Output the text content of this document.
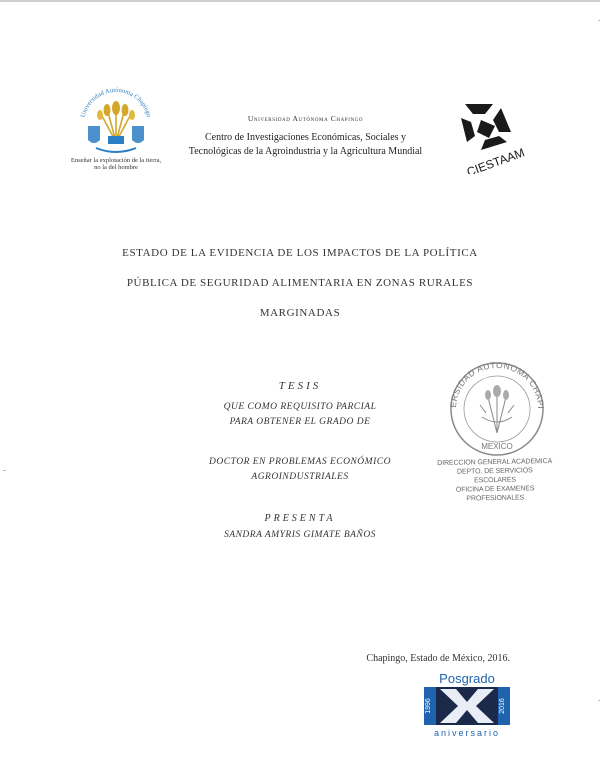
Universidad Autónoma Chapingo
Enseñar la explotación de la tierra, no la del hombre
Universidad Autónoma Chapingo
Centro de Investigaciones Económicas, Sociales y
Tecnológicas de la Agroindustria y la Agricultura Mundial	CIESTAAM
ESTADO DE LA EVIDENCIA DE LOS IMPACTOS DE LA POLÍTICA
PÚBLICA DE SEGURIDAD ALIMENTARIA EN ZONAS RURALES
MARGINADAS
TESIS
QUE COMO REQUISITO PARCIAL
PARA OBTENER EL GRADO DE
DOCTOR EN PROBLEMAS ECONÓMICO
AGROINDUSTRIALES
PRESENTA
SANDRA AMYRIS GIMATE BAÑOS
ERSIDAD AUTONOMA CHAPI
MEXICO
DIRECCION GENERAL ACADEMICA
DEPTO. DE SERVICIOS ESCOLARES
OFICINA DE EXAMENES PROFESIONALES
Chapingo, Estado de México, 2016.
Posgrado
1996	2016
aniversario
